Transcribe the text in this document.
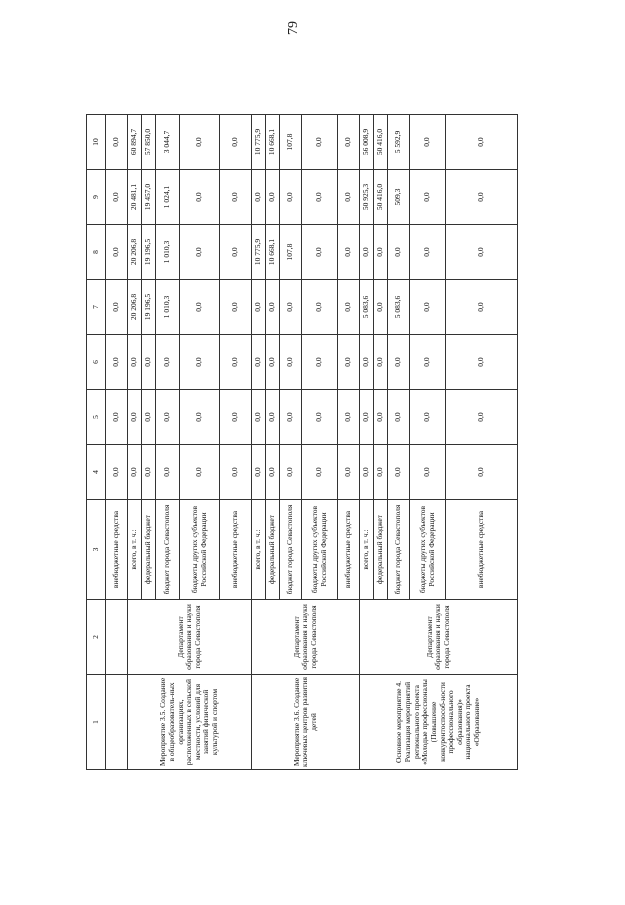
79
1	2	3	4	5	6	7	8	9	10
		внебюджетные средства	0,0	0,0	0,0	0,0	0,0	0,0	0,0
Мероприятие 3.5. Создание в общеобразователь-ных организациях, расположенных в сельской местности, условий для занятий физической культурой и спортом	Департамент образования и науки города Севастополя	всего, в т. ч.:	0,0	0,0	0,0	20 206,8	20 206,8	20 481,1	60 894,7
		федеральный бюджет	0,0	0,0	0,0	19 196,5	19 196,5	19 457,0	57 850,0
		бюджет города Севастополя	0,0	0,0	0,0	1 010,3	1 010,3	1 024,1	3 044,7
		бюджеты других субъектов Российской Федерации	0,0	0,0	0,0	0,0	0,0	0,0	0,0
		внебюджетные средства	0,0	0,0	0,0	0,0	0,0	0,0	0,0
Мероприятие 3.6. Создание ключевых центров развития детей	Департамент образования и науки города Севастополя	всего, в т. ч.:	0,0	0,0	0,0	0,0	10 775,9	0,0	10 775,9
		федеральный бюджет	0,0	0,0	0,0	0,0	10 668,1	0,0	10 668,1
		бюджет города Севастополя	0,0	0,0	0,0	0,0	107,8	0,0	107,8
		бюджеты других субъектов Российской Федерации	0,0	0,0	0,0	0,0	0,0	0,0	0,0
		внебюджетные средства	0,0	0,0	0,0	0,0	0,0	0,0	0,0
Основное мероприятие 4. Реализация мероприятий регионального проекта «Молодые профессионалы (Повышение конкурентоспособ-ности профессионального образования)» национального проекта «Образование»	Департамент образования и науки города Севастополя	всего, в т. ч.:	0,0	0,0	0,0	5 083,6	0,0	50 925,3	56 008,9
		федеральный бюджет	0,0	0,0	0,0	0,0	0,0	50 416,0	50 416,0
		бюджет города Севастополя	0,0	0,0	0,0	5 083,6	0,0	509,3	5 592,9
		бюджеты других субъектов Российской Федерации	0,0	0,0	0,0	0,0	0,0	0,0	0,0
		внебюджетные средства	0,0	0,0	0,0	0,0	0,0	0,0	0,0
